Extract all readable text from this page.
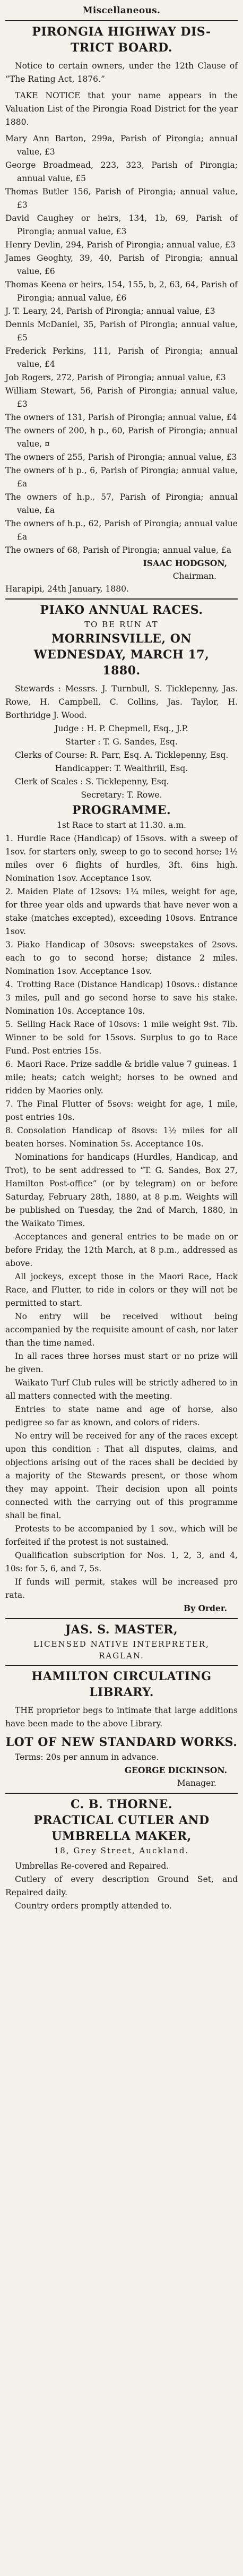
Miscellaneous.
PIRONGIA HIGHWAY DIS-
TRICT BOARD.

Notice to certain owners, under the 12th Clause of “The Rating Act, 1876.”

TAKE NOTICE that your name appears in the Valuation List of the Pirongia Road District for the year 1880.

Mary Ann Barton, 299a, Parish of Pirongia; annual value, £3
George Broadmead, 223, 323, Parish of Pirongia; annual value, £5
Thomas Butler 156, Parish of Pirongia; annual value, £3
David Caughey or heirs, 134, 1b, 69, Parish of Pirongia; annual value, £3
Henry Devlin, 294, Parish of Pirongia; annual value, £3
James Geoghty, 39, 40, Parish of Pirongia; annual value, £6
Thomas Keena or heirs, 154, 155, b, 2, 63, 64, Parish of Pirongia; annual value, £6
J. T. Leary, 24, Parish of Pirongia; annual value, £3
Dennis McDaniel, 35, Parish of Pirongia; annual value, £5
Frederick Perkins, 111, Parish of Pirongia; annual value, £4
Job Rogers, 272, Parish of Pirongia; annual value, £3
William Stewart, 56, Parish of Pirongia; annual value, £3
The owners of 131, Parish of Pirongia; annual value, £4
The owners of 200, h p., 60, Parish of Pirongia; annual value, ¤
The owners of 255, Parish of Pirongia; annual value, £3
The owners of h p., 6, Parish of Pirongia; annual value, £a
The owners of h.p., 57, Parish of Pirongia; annual value, £a
The owners of h.p., 62, Parish of Pirongia; annual value £a
The owners of 68, Parish of Pirongia; annual value, £a
ISAAC HODGSON,
Chairman.
Harapipi, 24th January, 1880.
PIAKO ANNUAL RACES.
TO BE RUN AT
MORRINSVILLE, ON
WEDNESDAY, MARCH 17,
1880.

Stewards : Messrs. J. Turnbull, S. Ticklepenny, Jas. Rowe, H. Campbell, C. Collins, Jas. Taylor, H. Borthridge J. Wood.

Judge : H. P. Chepmell, Esq., J.P.

Starter : T. G. Sandes, Esq.

Clerks of Course: R. Parr, Esq. A. Ticklepenny, Esq.

Handicapper: T. Wealthrill, Esq.

Clerk of Scales : S. Ticklepenny, Esq.

Secretary: T. Rowe.

PROGRAMME.

1st Race to start at 11.30. a.m.

1. Hurdle Race (Handicap) of 15sovs. with a sweep of 1sov. for starters only, sweep to go to second horse; 1½ miles over 6 flights of hurdles, 3ft. 6ins high. Nomination 1sov. Acceptance 1sov.
2. Maiden Plate of 12sovs: 1¼ miles, weight for age, for three year olds and upwards that have never won a stake (matches excepted), exceeding 10sovs. Entrance 1sov.
3. Piako Handicap of 30sovs: sweepstakes of 2sovs. each to go to second horse; distance 2 miles. Nomination 1sov. Acceptance 1sov.
4. Trotting Race (Distance Handicap) 10sovs.: distance 3 miles, pull and go second horse to save his stake. Nomination 10s. Acceptance 10s.
5. Selling Hack Race of 10sovs: 1 mile weight 9st. 7lb. Winner to be sold for 15sovs. Surplus to go to Race Fund. Post entries 15s.
6. Maori Race. Prize saddle & bridle value 7 guineas. 1 mile; heats; catch weight; horses to be owned and ridden by Maories only.
7. The Final Flutter of 5sovs: weight for age, 1 mile, post entries 10s.
8. Consolation Handicap of 8sovs: 1½ miles for all beaten horses. Nomination 5s. Acceptance 10s.

Nominations for handicaps (Hurdles, Handicap, and Trot), to be sent addressed to “T. G. Sandes, Box 27, Hamilton Post-office” (or by telegram) on or before Saturday, February 28th, 1880, at 8 p.m. Weights will be published on Tuesday, the 2nd of March, 1880, in the Waikato Times.

Acceptances and general entries to be made on or before Friday, the 12th March, at 8 p.m., addressed as above.

All jockeys, except those in the Maori Race, Hack Race, and Flutter, to ride in colors or they will not be permitted to start.

No entry will be received without being accompanied by the requisite amount of cash, nor later than the time named.

In all races three horses must start or no prize will be given.

Waikato Turf Club rules will be strictly adhered to in all matters connected with the meeting.

Entries to state name and age of horse, also pedigree so far as known, and colors of riders.

No entry will be received for any of the races except upon this condition : That all disputes, claims, and objections arising out of the races shall be decided by a majority of the Stewards present, or those whom they may appoint. Their decision upon all points connected with the carrying out of this programme shall be final.

Protests to be accompanied by 1 sov., which will be forfeited if the protest is not sustained.

Qualification subscription for Nos. 1, 2, 3, and 4, 10s: for 5, 6, and 7, 5s.

If funds will permit, stakes will be increased pro rata.

By Order.
JAS. S. MASTER,
LICENSED NATIVE INTERPRETER,
RAGLAN.
HAMILTON CIRCULATING
LIBRARY.

THE proprietor begs to intimate that large additions have been made to the above Library.

LOT OF NEW STANDARD WORKS.

Terms: 20s per annum in advance.

GEORGE DICKINSON.
Manager.
C. B. THORNE.
PRACTICAL CUTLER AND
UMBRELLA MAKER,
18, Grey Street, Auckland.

Umbrellas Re-covered and Repaired.

Cutlery of every description Ground Set, and Repaired daily.

Country orders promptly attended to.
